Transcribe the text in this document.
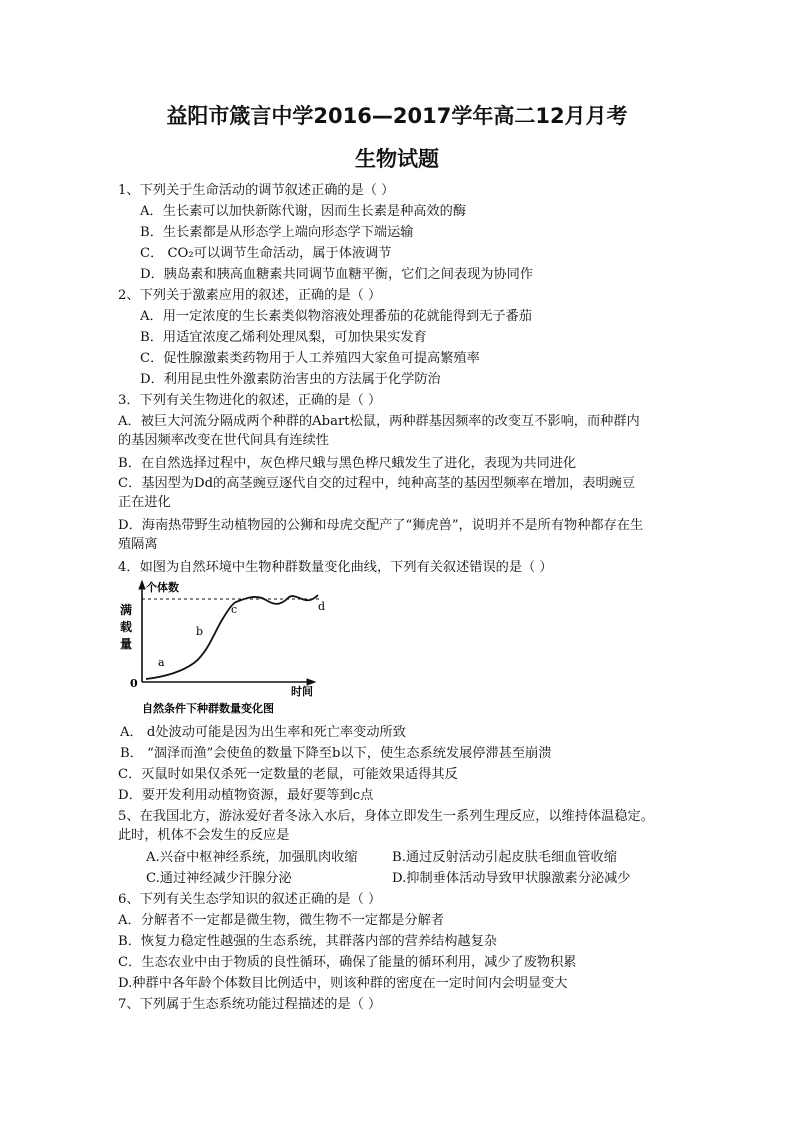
益阳市箴言中学2016—2017学年高二12月月考
生物试题
1、下列关于生命活动的调节叙述正确的是（ ）
A．生长素可以加快新陈代谢，因而生长素是种高效的酶
B．生长素都是从形态学上端向形态学下端运输
C． CO₂可以调节生命活动，属于体液调节
D．胰岛素和胰高血糖素共同调节血糖平衡，它们之间表现为协同作
2、下列关于激素应用的叙述，正确的是（ ）
A．用一定浓度的生长素类似物溶液处理番茄的花就能得到无子番茄
B．用适宜浓度乙烯利处理凤梨，可加快果实发育
C．促性腺激素类药物用于人工养殖四大家鱼可提高繁殖率
D．利用昆虫性外激素防治害虫的方法属于化学防治
3．下列有关生物进化的叙述，正确的是（ ）
A．被巨大河流分隔成两个种群的Abart松鼠，两种群基因频率的改变互不影响，而种群内
的基因频率改变在世代间具有连续性
B．在自然选择过程中，灰色桦尺蛾与黑色桦尺蛾发生了进化，表现为共同进化
C．基因型为Dd的高茎豌豆逐代自交的过程中，纯种高茎的基因型频率在增加，表明豌豆
正在进化
D．海南热带野生动植物园的公狮和母虎交配产了“狮虎兽”，说明并不是所有物种都存在生
殖隔离
4．如图为自然环境中生物种群数量变化曲线，下列有关叙述错误的是（ ）
个体数
满
载
量
0
a
b
c	d
时间
自然条件下种群数量变化图
A． d处波动可能是因为出生率和死亡率变动所致
B． “涸泽而渔”会使鱼的数量下降至b以下，使生态系统发展停滞甚至崩溃
C．灭鼠时如果仅杀死一定数量的老鼠，可能效果适得其反
D．要开发利用动植物资源，最好要等到c点
5、在我国北方，游泳爱好者冬泳入水后，身体立即发生一系列生理反应，以维持体温稳定。
此时，机体不会发生的反应是
A.兴奋中枢神经系统，加强肌肉收缩	B.通过反射活动引起皮肤毛细血管收缩
C.通过神经减少汗腺分泌	D.抑制垂体活动导致甲状腺激素分泌减少
6、下列有关生态学知识的叙述正确的是（ ）
A．分解者不一定都是微生物，微生物不一定都是分解者
B．恢复力稳定性越强的生态系统，其群落内部的营养结构越复杂
C．生态农业中由于物质的良性循环，确保了能量的循环利用，减少了废物积累
D.种群中各年龄个体数目比例适中，则该种群的密度在一定时间内会明显变大
7、下列属于生态系统功能过程描述的是（ ）
